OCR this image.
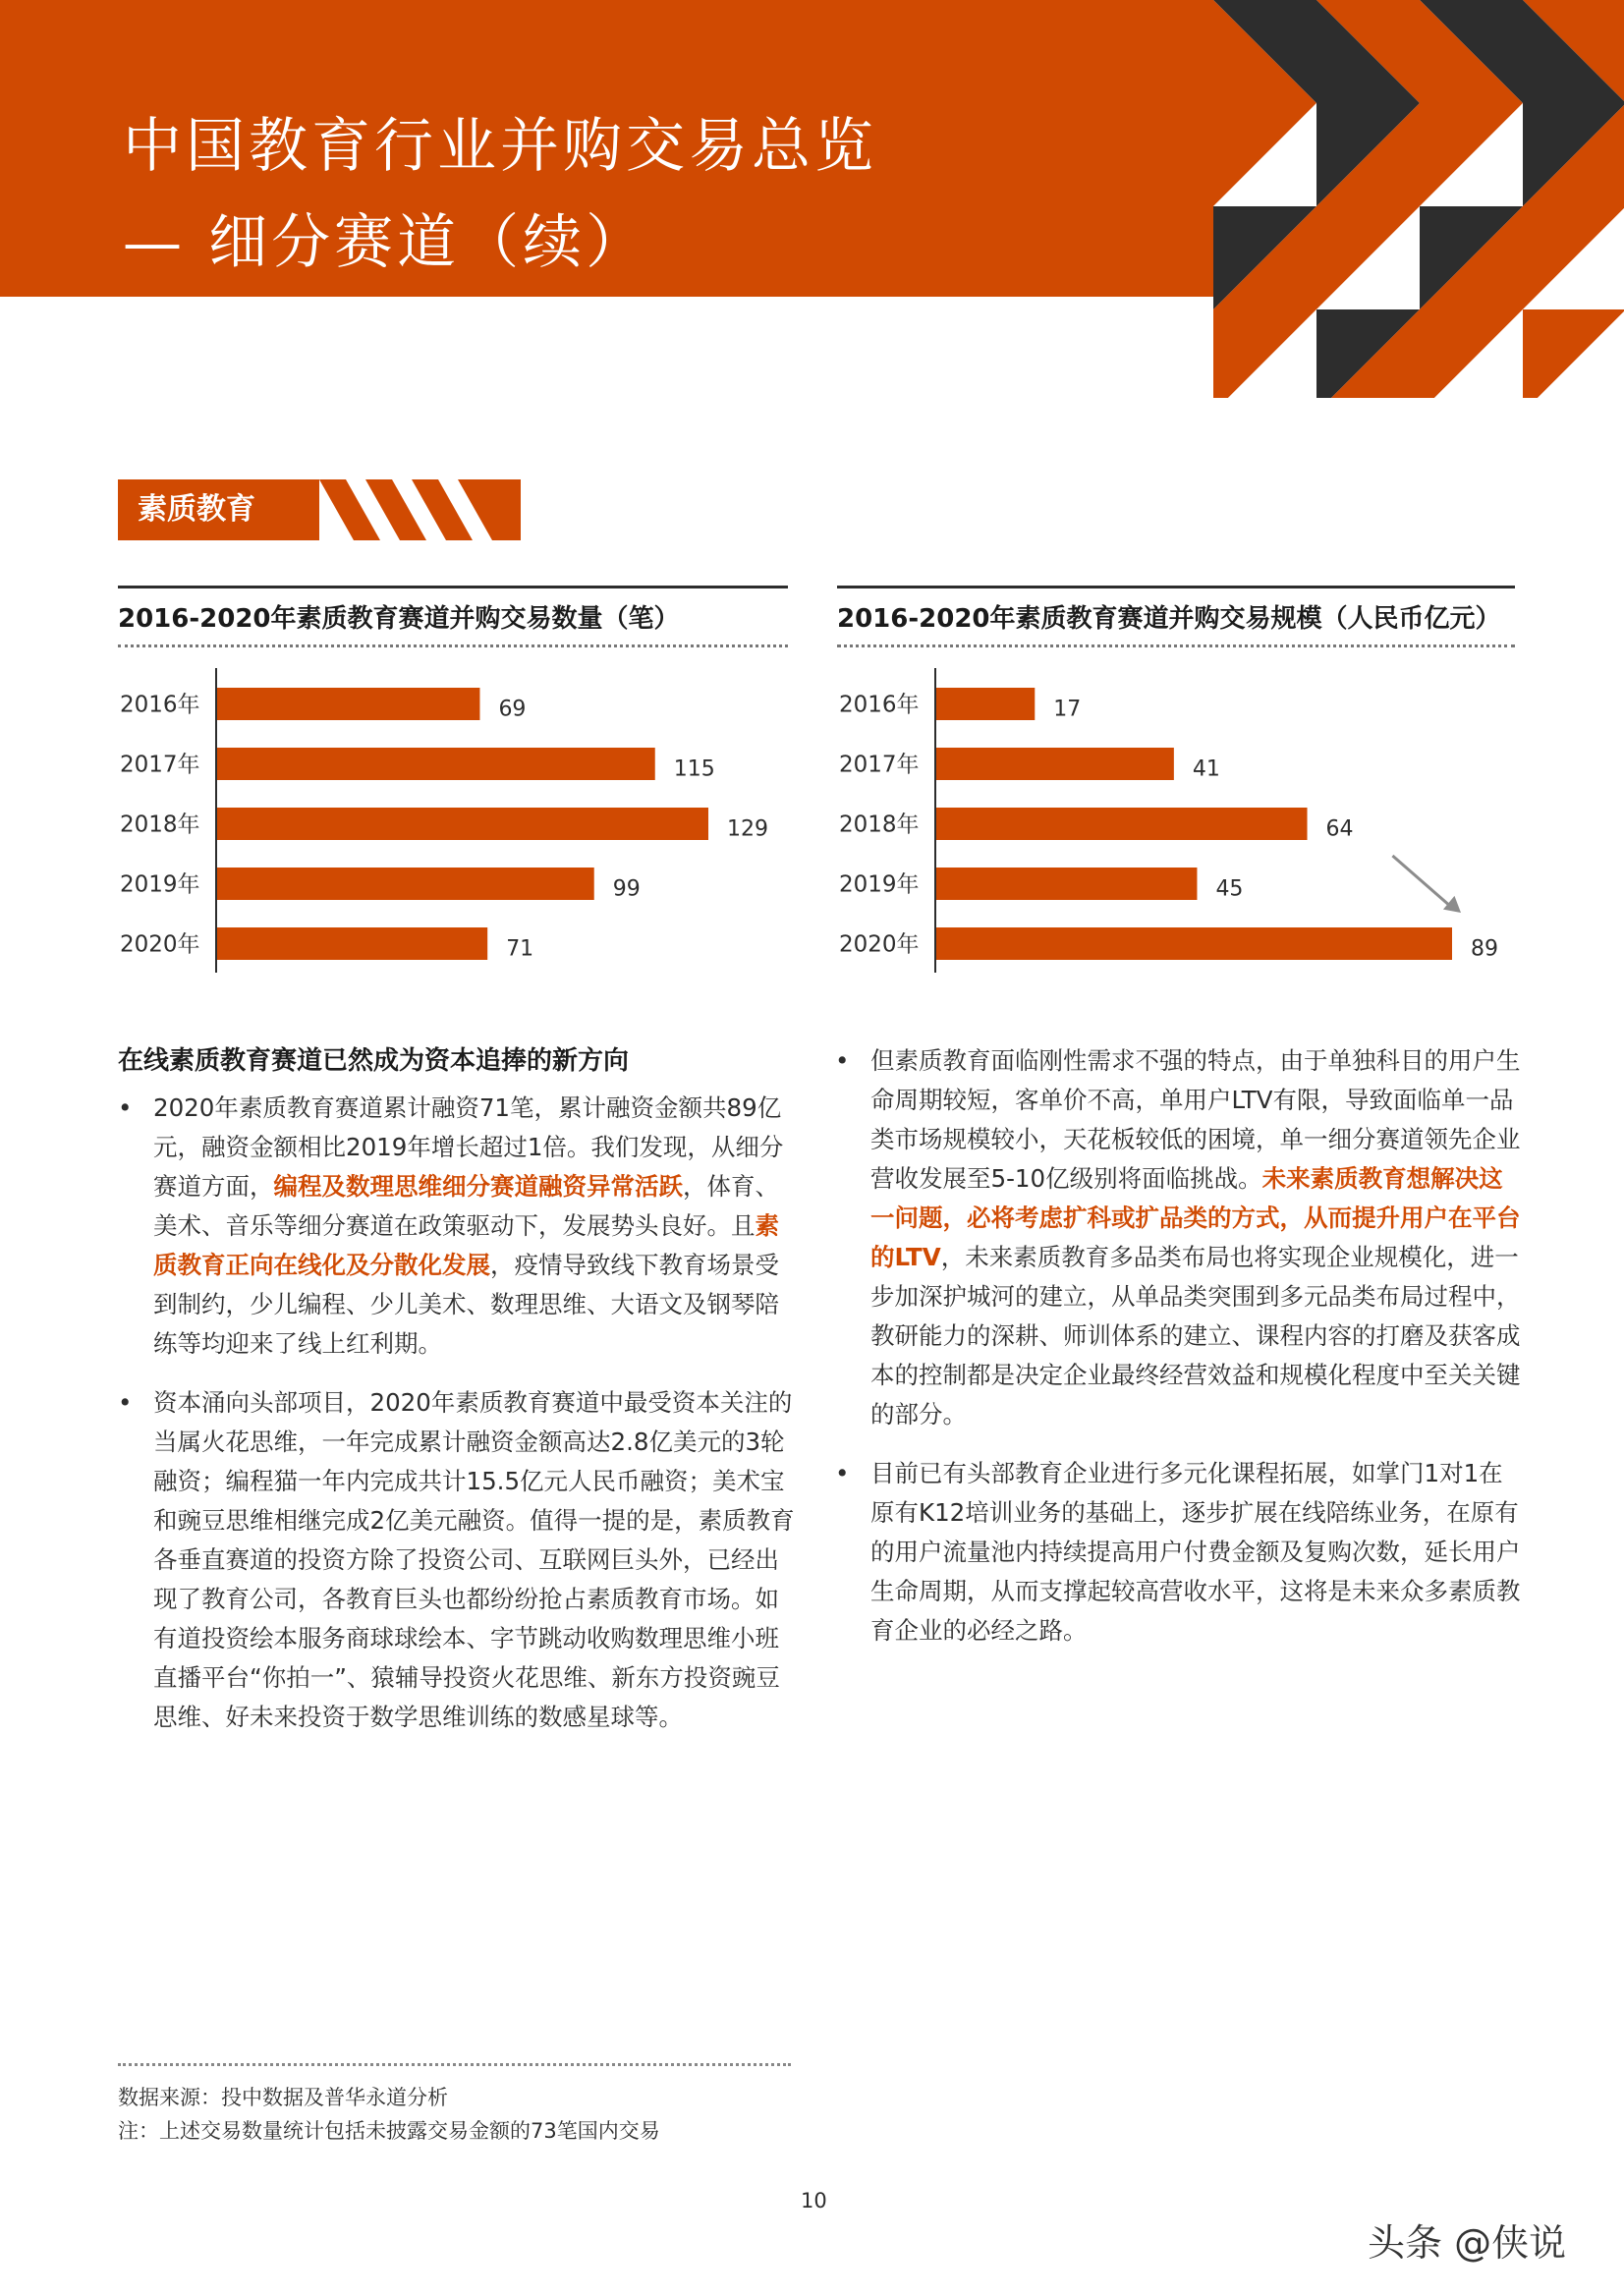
中国教育行业并购交易总览
— 细分赛道（续）
素质教育
2016-2020年素质教育赛道并购交易数量（笔）
2016年	69
2017年	115
2018年	129
2019年	99
2020年	71
2016-2020年素质教育赛道并购交易规模（人民币亿元）
2016年	17
2017年	41
2018年	64
2019年	45
2020年	89
在线素质教育赛道已然成为资本追捧的新方向
• 2020年素质教育赛道累计融资71笔，累计融资金额共89亿元，融资金额相比2019年增长超过1倍。我们发现，从细分赛道方面，编程及数理思维细分赛道融资异常活跃，体育、美术、音乐等细分赛道在政策驱动下，发展势头良好。且素质教育正向在线化及分散化发展，疫情导致线下教育场景受到制约，少儿编程、少儿美术、数理思维、大语文及钢琴陪练等均迎来了线上红利期。
• 资本涌向头部项目，2020年素质教育赛道中最受资本关注的当属火花思维，一年完成累计融资金额高达2.8亿美元的3轮融资；编程猫一年内完成共计15.5亿元人民币融资；美术宝和豌豆思维相继完成2亿美元融资。值得一提的是，素质教育各垂直赛道的投资方除了投资公司、互联网巨头外，已经出现了教育公司，各教育巨头也都纷纷抢占素质教育市场。如有道投资绘本服务商球球绘本、字节跳动收购数理思维小班直播平台“你拍一”、猿辅导投资火花思维、新东方投资豌豆思维、好未来投资于数学思维训练的数感星球等。
• 但素质教育面临刚性需求不强的特点，由于单独科目的用户生命周期较短，客单价不高，单用户LTV有限，导致面临单一品类市场规模较小，天花板较低的困境，单一细分赛道领先企业营收发展至5-10亿级别将面临挑战。未来素质教育想解决这一问题，必将考虑扩科或扩品类的方式，从而提升用户在平台的LTV，未来素质教育多品类布局也将实现企业规模化，进一步加深护城河的建立，从单品类突围到多元品类布局过程中，教研能力的深耕、师训体系的建立、课程内容的打磨及获客成本的控制都是决定企业最终经营效益和规模化程度中至关关键的部分。
• 目前已有头部教育企业进行多元化课程拓展，如掌门1对1在原有K12培训业务的基础上，逐步扩展在线陪练业务，在原有的用户流量池内持续提高用户付费金额及复购次数，延长用户生命周期，从而支撑起较高营收水平，这将是未来众多素质教育企业的必经之路。
数据来源：投中数据及普华永道分析
注：上述交易数量统计包括未披露交易金额的73笔国内交易
10
头条 @侠说
